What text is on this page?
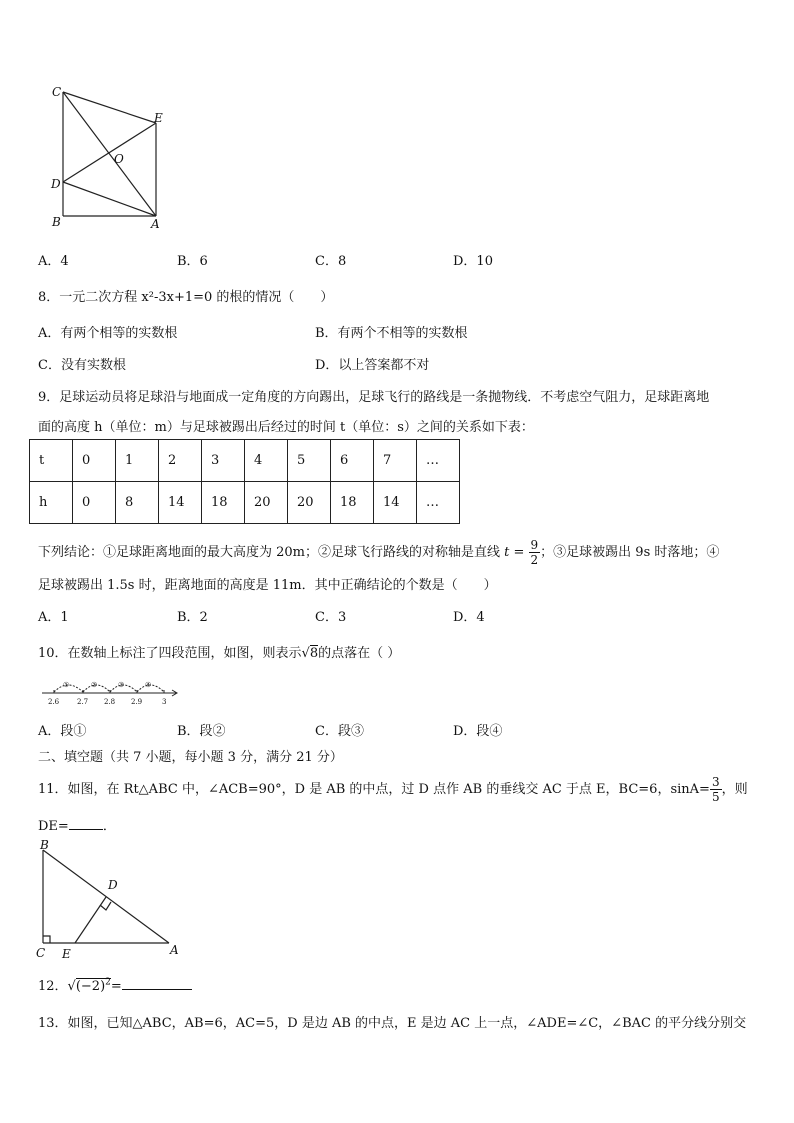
C
E
O
D
B	A
A．4	B．6	C．8	D．10
8．一元二次方程 x²-3x+1=0 的根的情况（　　）
A．有两个相等的实数根	B．有两个不相等的实数根
C．没有实数根	D．以上答案都不对
9．足球运动员将足球沿与地面成一定角度的方向踢出，足球飞行的路线是一条抛物线．不考虑空气阻力，足球距离地
面的高度 h（单位：m）与足球被踢出后经过的时间 t（单位：s）之间的关系如下表：
t	0	1	2	3	4	5	6	7	…
h	0	8	14	18	20	20	18	14	…
下列结论：①足球距离地面的最大高度为 20m；②足球飞行路线的对称轴是直线 $t = \frac{9}{2}$ ；③足球被踢出 9s 时落地；④
足球被踢出 1.5s 时，距离地面的高度是 11m．其中正确结论的个数是（　　）
A．1	B．2	C．3	D．4
10．在数轴上标注了四段范围，如图，则表示√8的点落在（ ）
①	②	③	④
2.6	2.7 2.8 2.9	3
A．段①	B．段②	C．段③	D．段④
二、填空题（共 7 小题，每小题 3 分，满分 21 分）
11．如图，在 Rt△ABC 中，∠ACB=90°，D 是 AB 的中点，过 D 点作 AB 的垂线交 AC 于点 E，BC=6，$\sin A= \frac{3}{5}$ ，则
DE=	．
B
D
C E	A
12．$√(-2)^2=$
13．如图，已知△ABC，AB=6，AC=5，D 是边 AB 的中点，E 是边 AC 上一点，∠ADE=∠C，∠BAC 的平分线分别交
